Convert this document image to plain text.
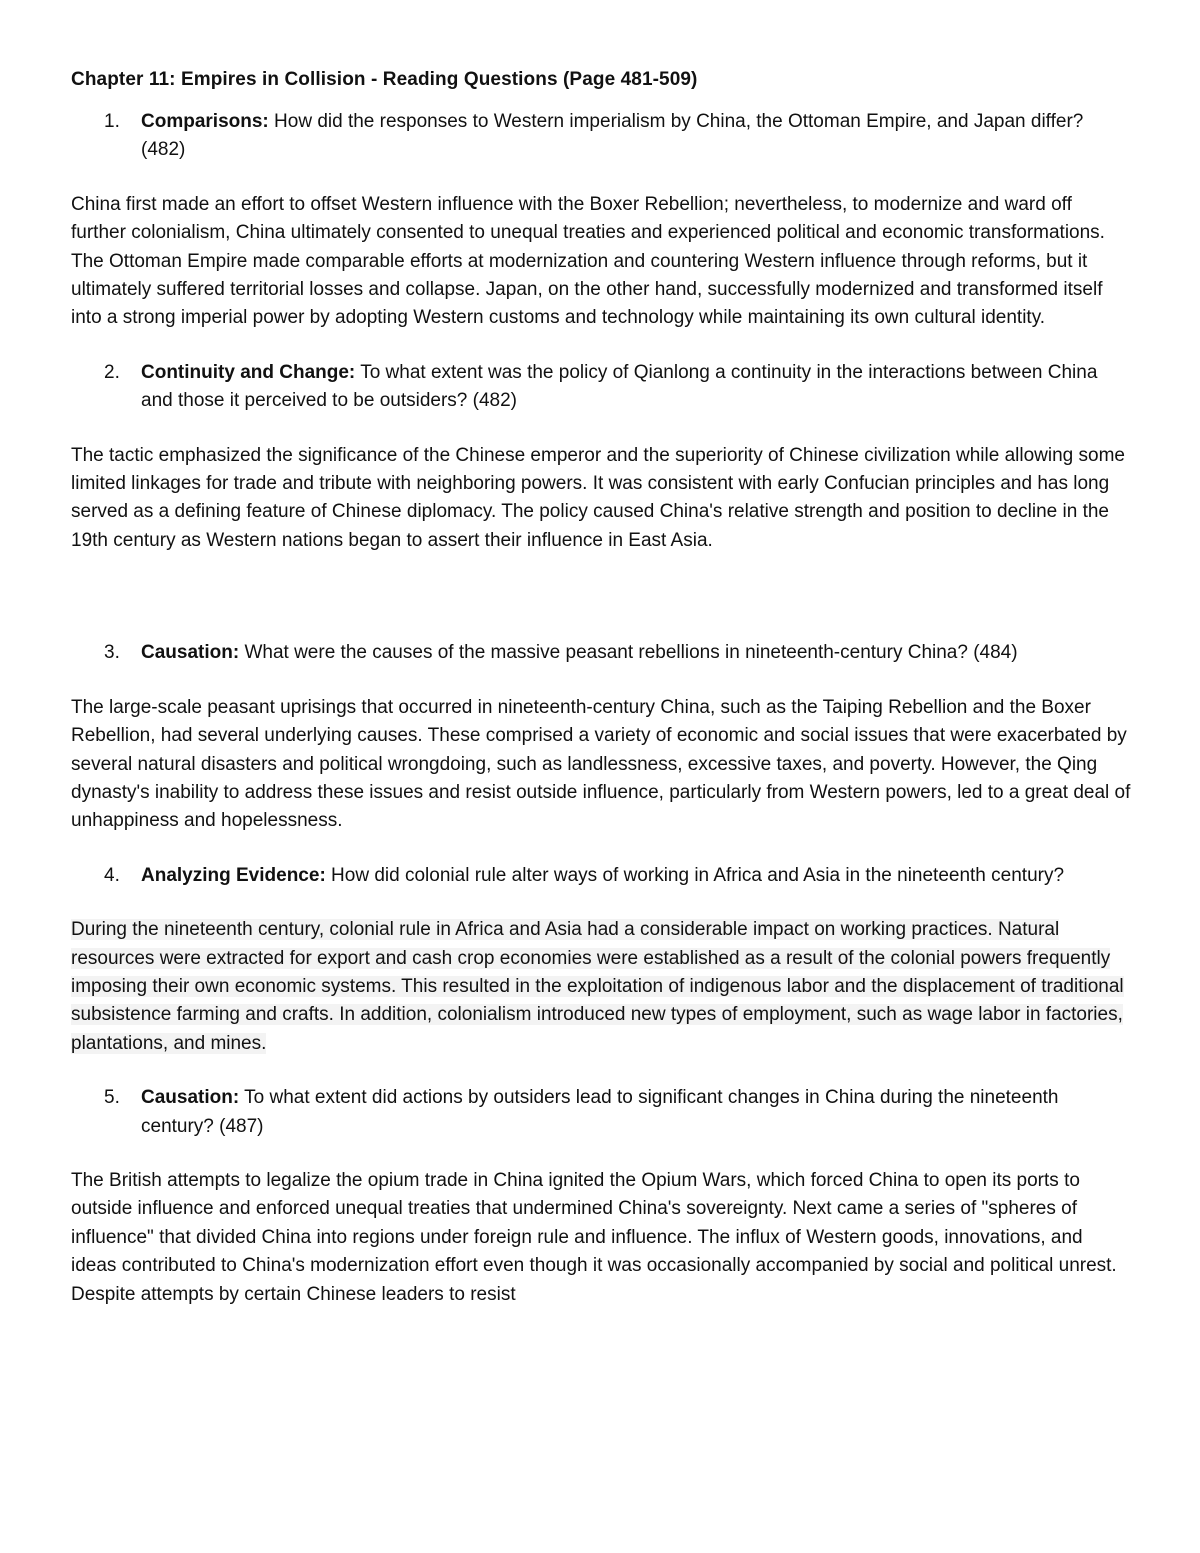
Chapter 11: Empires in Collision - Reading Questions (Page 481-509)

1. Comparisons: How did the responses to Western imperialism by China, the Ottoman Empire, and Japan differ? (482)

China first made an effort to offset Western influence with the Boxer Rebellion; nevertheless, to modernize and ward off further colonialism, China ultimately consented to unequal treaties and experienced political and economic transformations. The Ottoman Empire made comparable efforts at modernization and countering Western influence through reforms, but it ultimately suffered territorial losses and collapse. Japan, on the other hand, successfully modernized and transformed itself into a strong imperial power by adopting Western customs and technology while maintaining its own cultural identity.

2. Continuity and Change: To what extent was the policy of Qianlong a continuity in the interactions between China and those it perceived to be outsiders? (482)

The tactic emphasized the significance of the Chinese emperor and the superiority of Chinese civilization while allowing some limited linkages for trade and tribute with neighboring powers. It was consistent with early Confucian principles and has long served as a defining feature of Chinese diplomacy. The policy caused China's relative strength and position to decline in the 19th century as Western nations began to assert their influence in East Asia.

3. Causation: What were the causes of the massive peasant rebellions in nineteenth-century China? (484)

The large-scale peasant uprisings that occurred in nineteenth-century China, such as the Taiping Rebellion and the Boxer Rebellion, had several underlying causes. These comprised a variety of economic and social issues that were exacerbated by several natural disasters and political wrongdoing, such as landlessness, excessive taxes, and poverty. However, the Qing dynasty's inability to address these issues and resist outside influence, particularly from Western powers, led to a great deal of unhappiness and hopelessness.

4. Analyzing Evidence: How did colonial rule alter ways of working in Africa and Asia in the nineteenth century?

During the nineteenth century, colonial rule in Africa and Asia had a considerable impact on working practices. Natural resources were extracted for export and cash crop economies were established as a result of the colonial powers frequently imposing their own economic systems. This resulted in the exploitation of indigenous labor and the displacement of traditional subsistence farming and crafts. In addition, colonialism introduced new types of employment, such as wage labor in factories, plantations, and mines.

5. Causation: To what extent did actions by outsiders lead to significant changes in China during the nineteenth century? (487)

The British attempts to legalize the opium trade in China ignited the Opium Wars, which forced China to open its ports to outside influence and enforced unequal treaties that undermined China's sovereignty. Next came a series of "spheres of influence" that divided China into regions under foreign rule and influence. The influx of Western goods, innovations, and ideas contributed to China's modernization effort even though it was occasionally accompanied by social and political unrest. Despite attempts by certain Chinese leaders to resist
